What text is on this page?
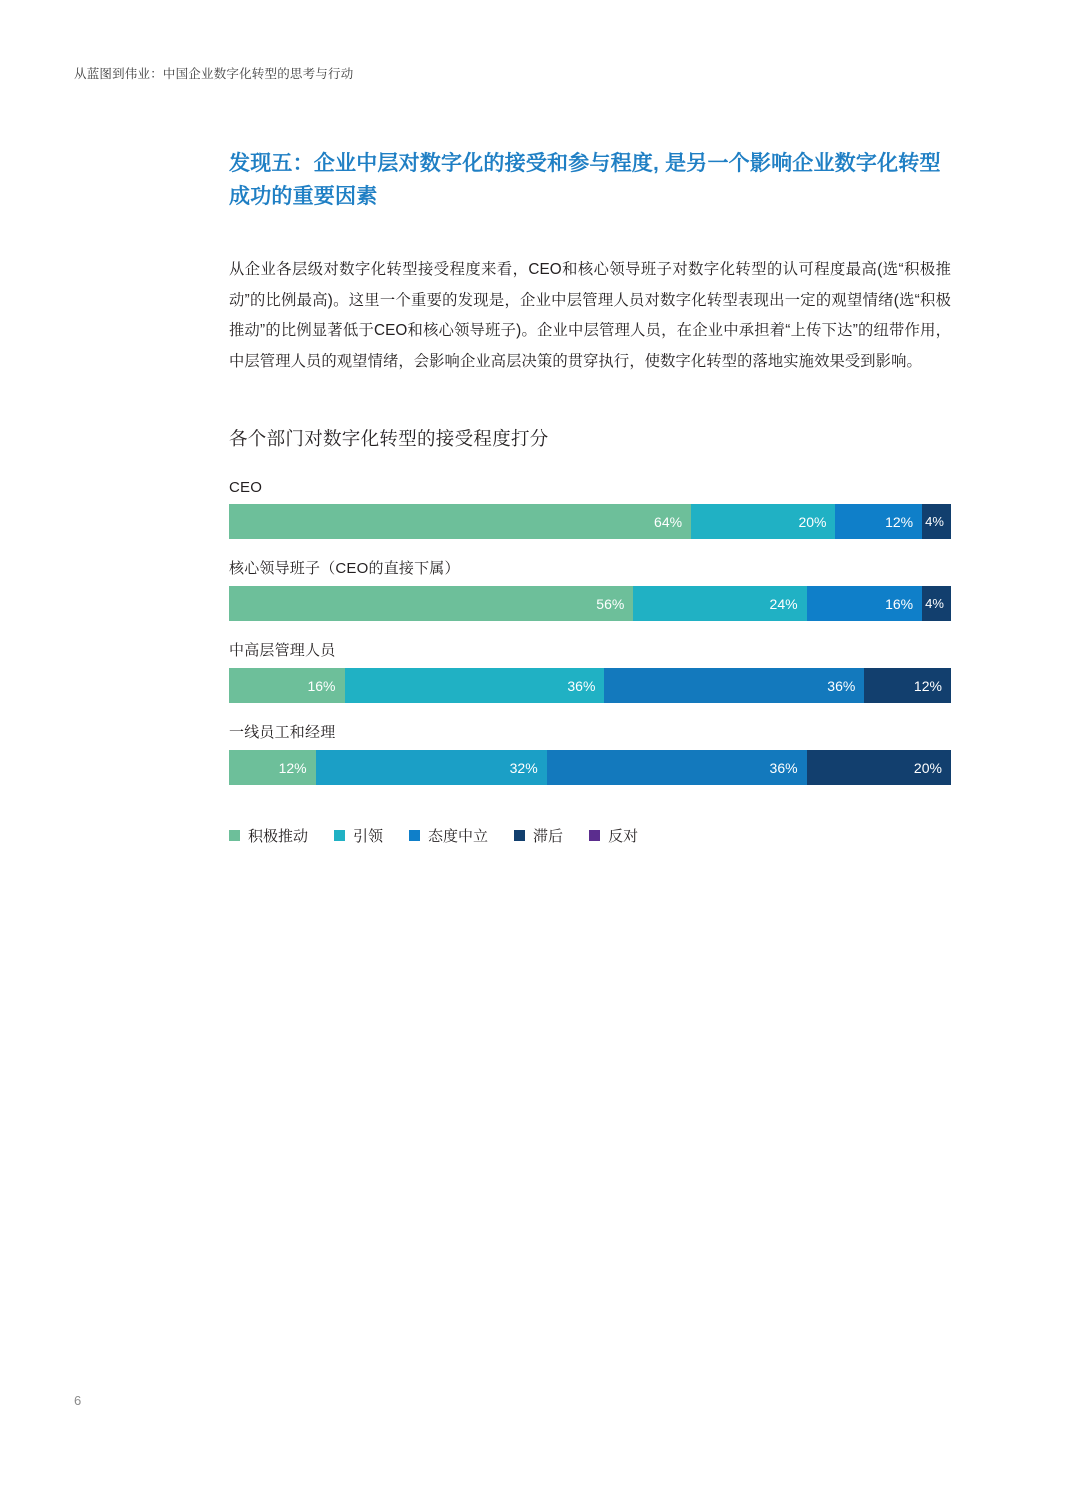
从蓝图到伟业：中国企业数字化转型的思考与行动
发现五：企业中层对数字化的接受和参与程度, 是另一个影响企业数字化转型成功的重要因素

从企业各层级对数字化转型接受程度来看，CEO和核心领导班子对数字化转型的认可程度最高(选“积极推动”的比例最高)。这里一个重要的发现是，企业中层管理人员对数字化转型表现出一定的观望情绪(选“积极推动”的比例显著低于CEO和核心领导班子)。企业中层管理人员，在企业中承担着“上传下达”的纽带作用，中层管理人员的观望情绪，会影响企业高层决策的贯穿执行，使数字化转型的落地实施效果受到影响。

各个部门对数字化转型的接受程度打分
CEO
64%	20%	12% 4%
核心领导班子（CEO的直接下属）
56%	24%	16% 4%
中高层管理人员
16%	36%	36%	12%
一线员工和经理
12%	32%	36%	20%
积极推动	引领	态度中立	滞后	反对
6
